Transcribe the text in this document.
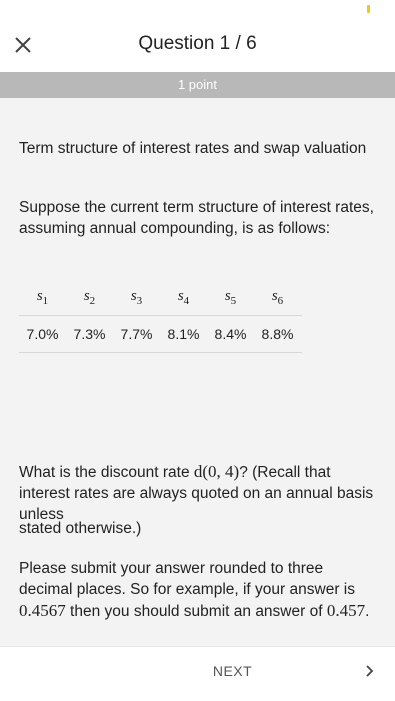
Question 1 / 6
1 point

Term structure of interest rates and swap valuation

Suppose the current term structure of interest rates, assuming annual compounding, is as follows:

$s_1$	$s_2$	$s_3$	$s_4$	$s_5$	$s_6$
7.0%	7.3%	7.7%	8.1%	8.4%	8.8%

What is the discount rate d(0, 4)? (Recall that interest rates are always quoted on an annual basis unless

stated otherwise.)

Please submit your answer rounded to three decimal places. So for example, if your answer is 0.4567 then you should submit an answer of 0.457.

NEXT
